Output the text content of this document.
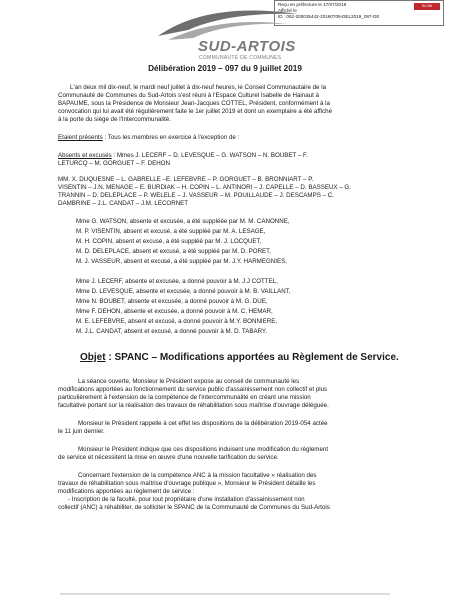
Reçu en préfecture le 17/07/2019
Affiché le
ID : 062-200035442-20190709-DEL2019_097-DE
SLOW
SUD-ARTOIS
COMMUNAUTÉ DE COMMUNES
Délibération 2019 – 097 du 9 juillet 2019
L'an deux mil dix-neuf, le mardi neuf juillet à dix-neuf heures, le Conseil Communautaire de la
Communauté de Communes du Sud-Artois s'est réuni à l'Espace Culturel Isabelle de Hainaut à
BAPAUME, sous la Présidence de Monsieur Jean-Jacques COTTEL, Président, conformément à la
convocation qui lui avait été régulièrement faite le 1er juillet 2019 et dont un exemplaire a été affiché
à la porte du siège de l'Intercommunalité.
Etaient présents : Tous les membres en exercice à l'exception de :
Absents et excusés : Mmes J. LECERF – D. LEVESQUE – G. WATSON – N. BOUBET – F.
LETURCQ – M. GORGUET – F. DEHON
MM. X. DUQUESNE – L. GABRELLE –E. LEFEBVRE – P. GORGUET – B. BRONNIART – P.
VISENTIN – J.N. MENAGE – E. BURDIAK – H. COPIN – L. ANTINORI – J. CAPELLE – D. BASSEUX – G.
TRANNIN – D. DELEPLACE – P. WELELE – J. VASSEUR – M. POUILLAUDE – J. DESCAMPS – C.
DAMBRINE – J.L. CANDAT – J.M. LECORNET
Mme G. WATSON, absente et excusée, a été suppléée par M. M. CANONNE,
M. P. VISENTIN, absent et excusé, a été suppléé par M. A. LESAGE,
M. H. COPIN, absent et excusé, a été suppléé par M. J. LOCQUET,
M. D. DELEPLACE, absent et excusé, a été suppléé par M. D. PORET,
M. J. VASSEUR, absent et excusé, a été suppléé par M. J.Y. HARMEGNIES,
Mme J. LECERF, absente et excusée, a donné pouvoir à M. J.J COTTEL,
Mme D. LEVESQUE, absente et excusée, a donné pouvoir à M. B. VAILLANT,
Mme N. BOUBET, absente et excusée, a donné pouvoir à M. G. DUE,
Mme F. DEHON, absente et excusée, a donné pouvoir à M. C. HEMAR,
M. E. LEFEBVRE, absent et excusé, a donné pouvoir à M.Y. BONNIERE,
M. J.L. CANDAT, absent et excusé, a donné pouvoir à M. D. TABARY.
Objet : SPANC – Modifications apportées au Règlement de Service.
La séance ouverte, Monsieur le Président expose au conseil de communauté les
modifications apportées au fonctionnement du service public d'assainissement non collectif et plus
particulièrement à l'extension de la compétence de l'intercommunalité en créant une mission
facultative portant sur la réalisation des travaux de réhabilitation sous maîtrise d'ouvrage déléguée.
Monsieur le Président rappelle à cet effet les dispositions de la délibération 2019-054 actée
le 11 juin dernier.
Monsieur le Président indique que ces dispositions induisent une modification du règlement
de service et nécessitent la mise en œuvre d'une nouvelle tarification du service.
Concernant l'extension de la compétence ANC à la mission facultative « réalisation des
travaux de réhabilitation sous maîtrise d'ouvrage publique », Monsieur le Président détaille les
modifications apportées au règlement de service :
- Inscription de la faculté, pour tout propriétaire d'une installation d'assainissement non
collectif (ANC) à réhabiliter, de solliciter le SPANC de la Communauté de Communes du Sud-Artois
